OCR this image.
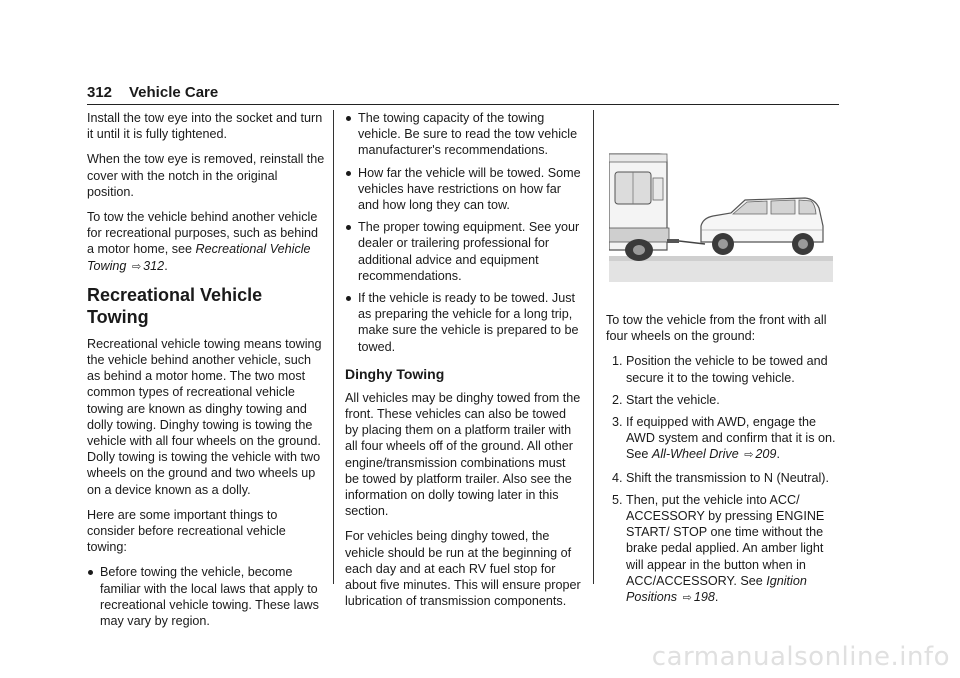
312 Vehicle Care

Install the tow eye into the socket and turn it until it is fully tightened.

When the tow eye is removed, reinstall the cover with the notch in the original position.

To tow the vehicle behind another vehicle for recreational purposes, such as behind a motor home, see Recreational Vehicle Towing ⇨ 312.

Recreational Vehicle Towing

Recreational vehicle towing means towing the vehicle behind another vehicle, such as behind a motor home. The two most common types of recreational vehicle towing are known as dinghy towing and dolly towing. Dinghy towing is towing the vehicle with all four wheels on the ground. Dolly towing is towing the vehicle with two wheels on the ground and two wheels up on a device known as a dolly.

Here are some important things to consider before recreational vehicle towing:

Before towing the vehicle, become familiar with the local laws that apply to recreational vehicle towing. These laws may vary by region.
The towing capacity of the towing vehicle. Be sure to read the tow vehicle manufacturer's recommendations.
How far the vehicle will be towed. Some vehicles have restrictions on how far and how long they can tow.
The proper towing equipment. See your dealer or trailering professional for additional advice and equipment recommendations.
If the vehicle is ready to be towed. Just as preparing the vehicle for a long trip, make sure the vehicle is prepared to be towed.
Dinghy Towing

All vehicles may be dinghy towed from the front. These vehicles can also be towed by placing them on a platform trailer with all four wheels off of the ground. All other engine/transmission combinations must be towed by platform trailer. Also see the information on dolly towing later in this section.

For vehicles being dinghy towed, the vehicle should be run at the beginning of each day and at each RV fuel stop for about five minutes. This will ensure proper lubrication of transmission components.

To tow the vehicle from the front with all four wheels on the ground:

1. Position the vehicle to be towed and secure it to the towing vehicle.
2. Start the vehicle.
3. If equipped with AWD, engage the AWD system and confirm that it is on. See All-Wheel Drive ⇨ 209.
4. Shift the transmission to N (Neutral).
5. Then, put the vehicle into ACC/ ACCESSORY by pressing ENGINE START/ STOP one time without the brake pedal applied. An amber light will appear in the button when in ACC/ACCESSORY. See Ignition Positions ⇨ 198.
carmanualsonline.info
